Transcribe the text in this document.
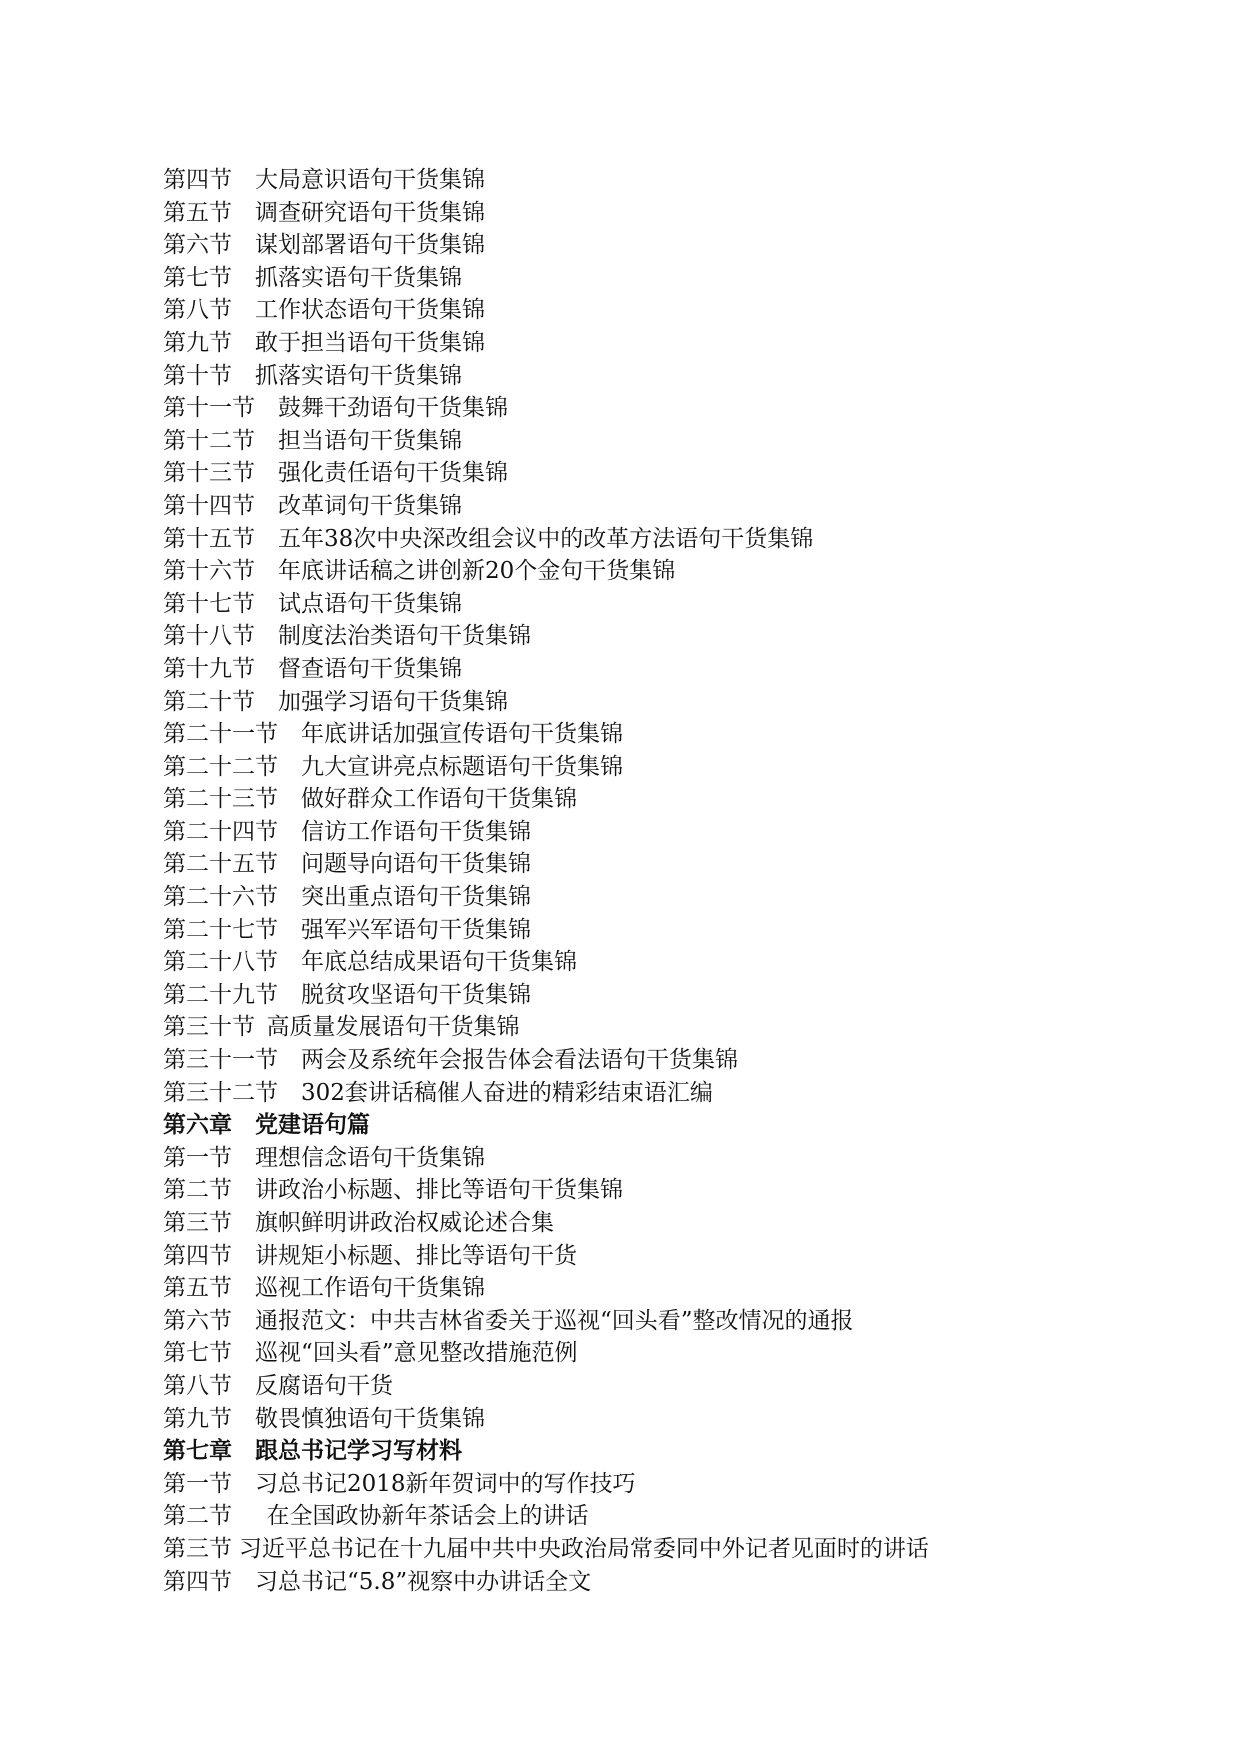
第四节 大局意识语句干货集锦
第五节 调查研究语句干货集锦
第六节 谋划部署语句干货集锦
第七节 抓落实语句干货集锦
第八节 工作状态语句干货集锦
第九节 敢于担当语句干货集锦
第十节 抓落实语句干货集锦
第十一节 鼓舞干劲语句干货集锦
第十二节 担当语句干货集锦
第十三节 强化责任语句干货集锦
第十四节 改革词句干货集锦
第十五节 五年38次中央深改组会议中的改革方法语句干货集锦
第十六节 年底讲话稿之讲创新20个金句干货集锦
第十七节 试点语句干货集锦
第十八节 制度法治类语句干货集锦
第十九节 督查语句干货集锦
第二十节 加强学习语句干货集锦
第二十一节 年底讲话加强宣传语句干货集锦
第二十二节 九大宣讲亮点标题语句干货集锦
第二十三节 做好群众工作语句干货集锦
第二十四节 信访工作语句干货集锦
第二十五节 问题导向语句干货集锦
第二十六节 突出重点语句干货集锦
第二十七节 强军兴军语句干货集锦
第二十八节 年底总结成果语句干货集锦
第二十九节 脱贫攻坚语句干货集锦
第三十节 高质量发展语句干货集锦
第三十一节 两会及系统年会报告体会看法语句干货集锦
第三十二节 302套讲话稿催人奋进的精彩结束语汇编
第六章 党建语句篇
第一节 理想信念语句干货集锦
第二节 讲政治小标题、排比等语句干货集锦
第三节 旗帜鲜明讲政治权威论述合集
第四节 讲规矩小标题、排比等语句干货
第五节 巡视工作语句干货集锦
第六节 通报范文：中共吉林省委关于巡视“回头看”整改情况的通报
第七节 巡视“回头看”意见整改措施范例
第八节 反腐语句干货
第九节 敬畏慎独语句干货集锦
第七章 跟总书记学习写材料
第一节 习总书记2018新年贺词中的写作技巧
第二节 在全国政协新年茶话会上的讲话
第三节 习近平总书记在十九届中共中央政治局常委同中外记者见面时的讲话
第四节 习总书记“5.8”视察中办讲话全文
